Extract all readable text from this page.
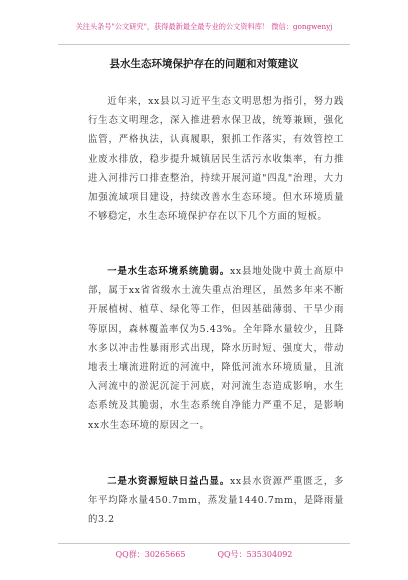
关注头条号"公文研究"，获得最新最全最专业的公文资料库！ 微信：gongwenyj
县水生态环境保护存在的问题和对策建议
近年来，xx县以习近平生态文明思想为指引，努力践行生态文明理念，深入推进碧水保卫战，统筹兼顾，强化监管，严格执法，认真履职，狠抓工作落实，有效管控工业废水排放，稳步提升城镇居民生活污水收集率，有力推进入河排污口排查整治，持续开展河道"四乱"治理，大力加强流域项目建设，持续改善水生态环境。但水环境质量不够稳定，水生态环境保护存在以下几个方面的短板。
一是水生态环境系统脆弱。xx县地处陇中黄土高原中部，属于xx省省级水土流失重点治理区，虽然多年来不断开展植树、植草、绿化等工作，但因基础薄弱、干旱少雨等原因，森林覆盖率仅为5.43%。全年降水量较少，且降水多以冲击性暴雨形式出现，降水历时短、强度大，带动地表土壤流进附近的河流中，降低河流水环境质量，且流入河流中的淤泥沉淀于河底，对河流生态造成影响，水生态系统及其脆弱，水生态系统自净能力严重不足，是影响xx水生态环境的原因之一。
二是水资源短缺日益凸显。xx县水资源严重匮乏，多年平均降水量450.7mm，蒸发量1440.7mm，是降雨量的3.2
QQ群：30265665	QQ号：535304092
